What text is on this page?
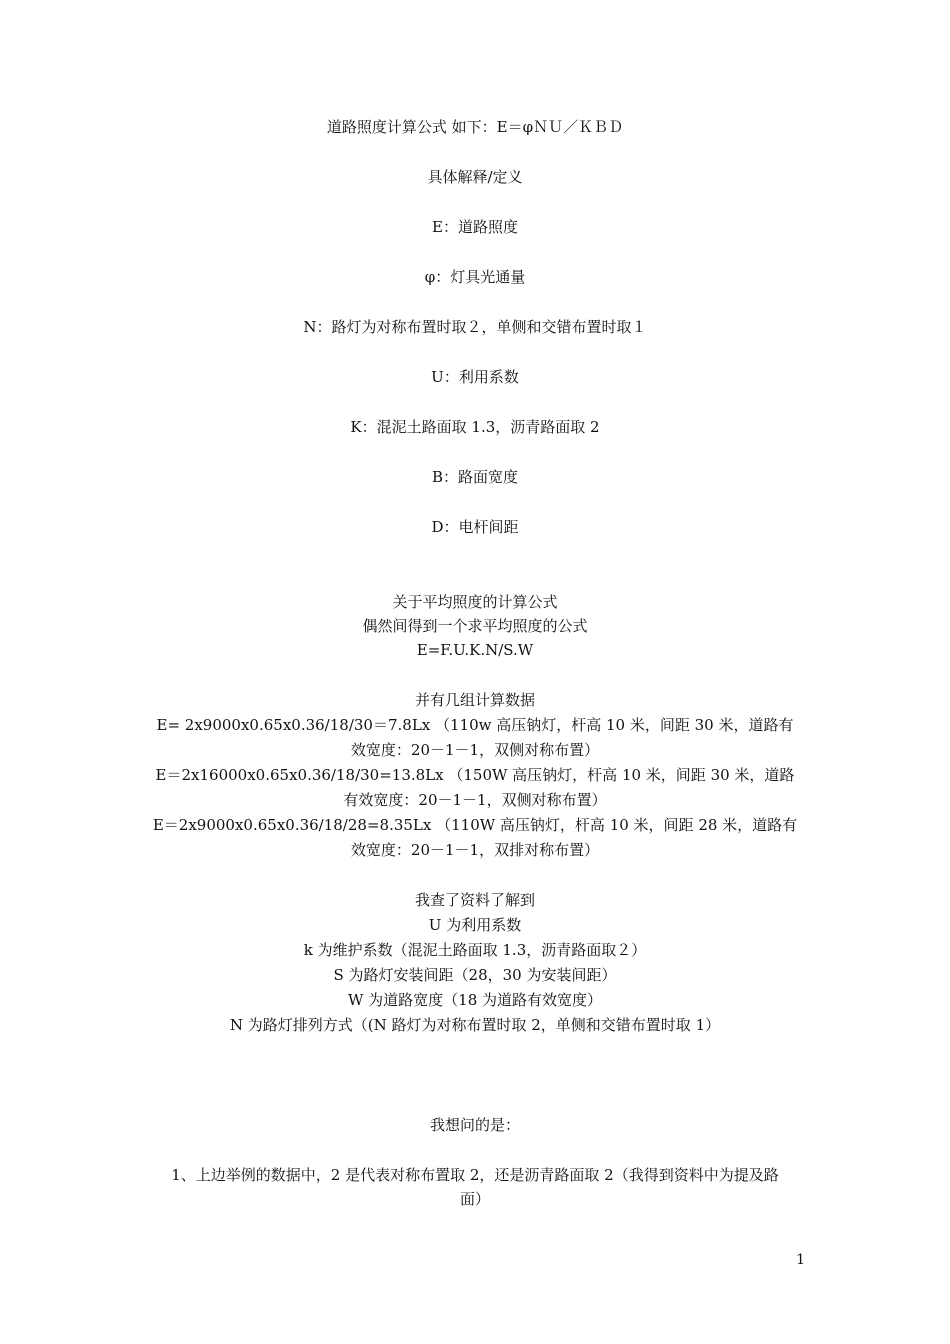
道路照度计算公式 如下：E＝φＮＵ／ＫＢＤ
具体解释/定义
E：道路照度
φ：灯具光通量
N：路灯为对称布置时取２，单侧和交错布置时取１
U：利用系数
K：混泥土路面取 1.3，沥青路面取 2
B：路面宽度
D：电杆间距
关于平均照度的计算公式
偶然间得到一个求平均照度的公式
E=F.U.K.N/S.W
并有几组计算数据
E= 2x9000x0.65x0.36/18/30＝7.8Lx （110w 高压钠灯，杆高 10 米，间距 30 米，道路有
效宽度：20－1－1，双侧对称布置）
E＝2x16000x0.65x0.36/18/30=13.8Lx （150W 高压钠灯，杆高 10 米，间距 30 米，道路
有效宽度：20－1－1，双侧对称布置）
E＝2x9000x0.65x0.36/18/28=8.35Lx （110W 高压钠灯，杆高 10 米，间距 28 米，道路有
效宽度：20－1－1，双排对称布置）
我查了资料了解到
U 为利用系数
k 为维护系数（混泥土路面取 1.3，沥青路面取２）
S 为路灯安装间距（28，30 为安装间距）
W 为道路宽度（18 为道路有效宽度）
N 为路灯排列方式（(N 路灯为对称布置时取 2，单侧和交错布置时取 1）
我想问的是：
1、上边举例的数据中，2 是代表对称布置取 2，还是沥青路面取 2（我得到资料中为提及路
面）
1
